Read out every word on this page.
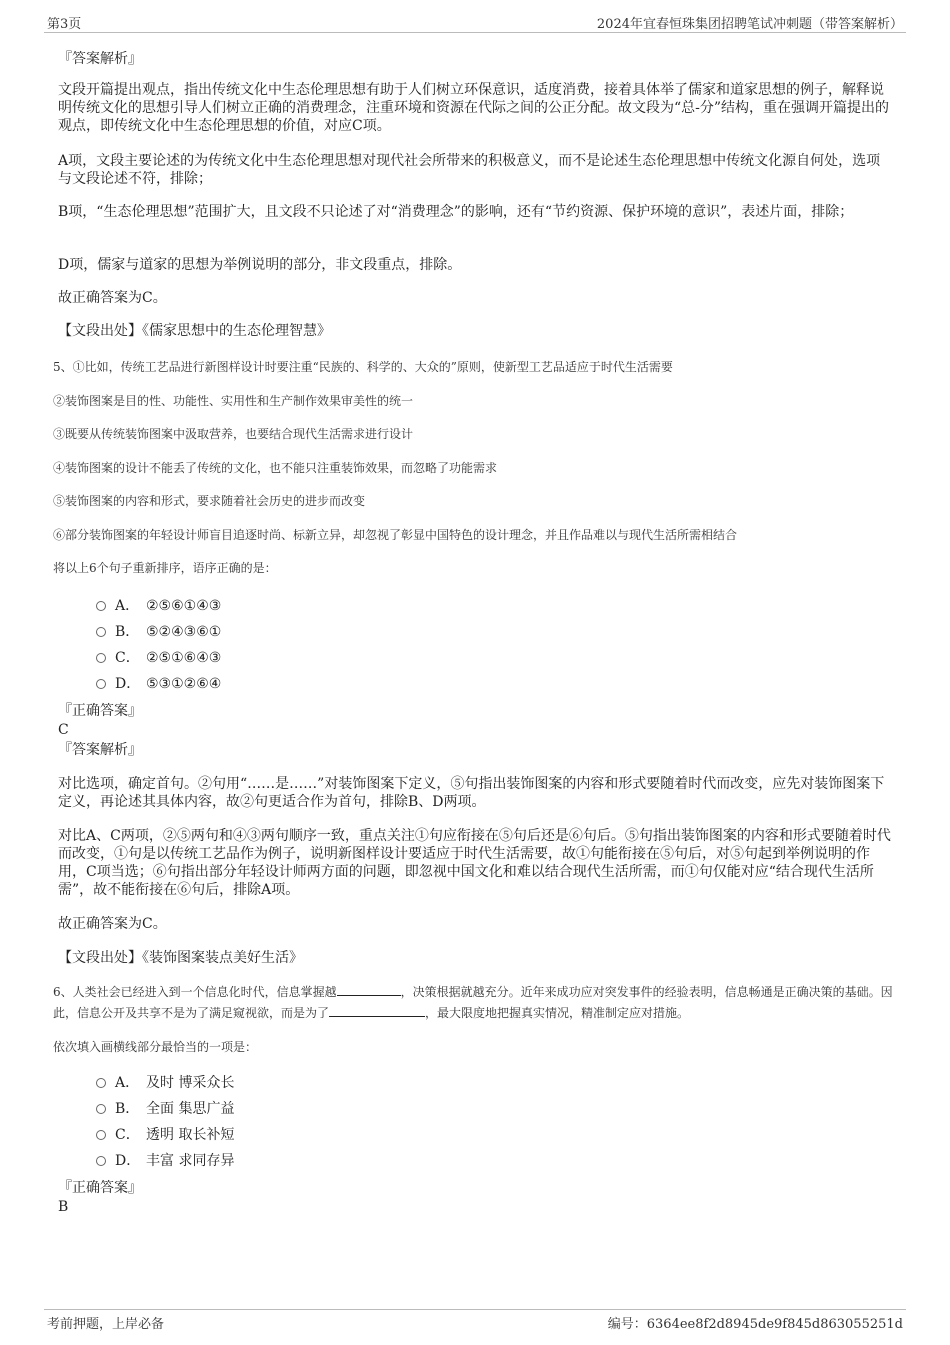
第3页	2024年宜春恒珠集团招聘笔试冲刺题（带答案解析）
『答案解析』
文段开篇提出观点，指出传统文化中生态伦理思想有助于人们树立环保意识，适度消费，接着具体举了儒家和道家思想的例子，解释说明传统文化的思想引导人们树立正确的消费理念，注重环境和资源在代际之间的公正分配。故文段为“总-分”结构，重在强调开篇提出的观点，即传统文化中生态伦理思想的价值，对应C项。
A项，文段主要论述的为传统文化中生态伦理思想对现代社会所带来的积极意义，而不是论述生态伦理思想中传统文化源自何处，选项与文段论述不符，排除；
B项，“生态伦理思想”范围扩大，且文段不只论述了对“消费理念”的影响，还有“节约资源、保护环境的意识”，表述片面，排除；
D项，儒家与道家的思想为举例说明的部分，非文段重点，排除。
故正确答案为C。
【文段出处】《儒家思想中的生态伦理智慧》
5、①比如，传统工艺品进行新图样设计时要注重“民族的、科学的、大众的”原则，使新型工艺品适应于时代生活需要
②装饰图案是目的性、功能性、实用性和生产制作效果审美性的统一
③既要从传统装饰图案中汲取营养，也要结合现代生活需求进行设计
④装饰图案的设计不能丢了传统的文化，也不能只注重装饰效果，而忽略了功能需求
⑤装饰图案的内容和形式，要求随着社会历史的进步而改变
⑥部分装饰图案的年轻设计师盲目追逐时尚、标新立异，却忽视了彰显中国特色的设计理念，并且作品难以与现代生活所需相结合
将以上6个句子重新排序，语序正确的是：
A． ②⑤⑥①④③
B． ⑤②④③⑥①
C． ②⑤①⑥④③
D． ⑤③①②⑥④
『正确答案』
C
『答案解析』
对比选项，确定首句。②句用“……是……”对装饰图案下定义，⑤句指出装饰图案的内容和形式要随着时代而改变，应先对装饰图案下定义，再论述其具体内容，故②句更适合作为首句，排除B、D两项。
对比A、C两项，②⑤两句和④③两句顺序一致，重点关注①句应衔接在⑤句后还是⑥句后。⑤句指出装饰图案的内容和形式要随着时代而改变，①句是以传统工艺品作为例子，说明新图样设计要适应于时代生活需要，故①句能衔接在⑤句后，对⑤句起到举例说明的作用，C项当选；⑥句指出部分年轻设计师两方面的问题，即忽视中国文化和难以结合现代生活所需，而①句仅能对应“结合现代生活所需”，故不能衔接在⑥句后，排除A项。
故正确答案为C。
【文段出处】《装饰图案装点美好生活》
6、人类社会已经进入到一个信息化时代，信息掌握越	，决策根据就越充分。近年来成功应对突发事件的经验表明，信息畅通是正确决策的基础。因此，信息公开及共享不是为了满足窥视欲，而是为了	，最大限度地把握真实情况，精准制定应对措施。
依次填入画横线部分最恰当的一项是：
A． 及时 博采众长
B． 全面 集思广益
C． 透明 取长补短
D． 丰富 求同存异
『正确答案』
B
考前押题，上岸必备	编号：6364ee8f2d8945de9f845d863055251d
